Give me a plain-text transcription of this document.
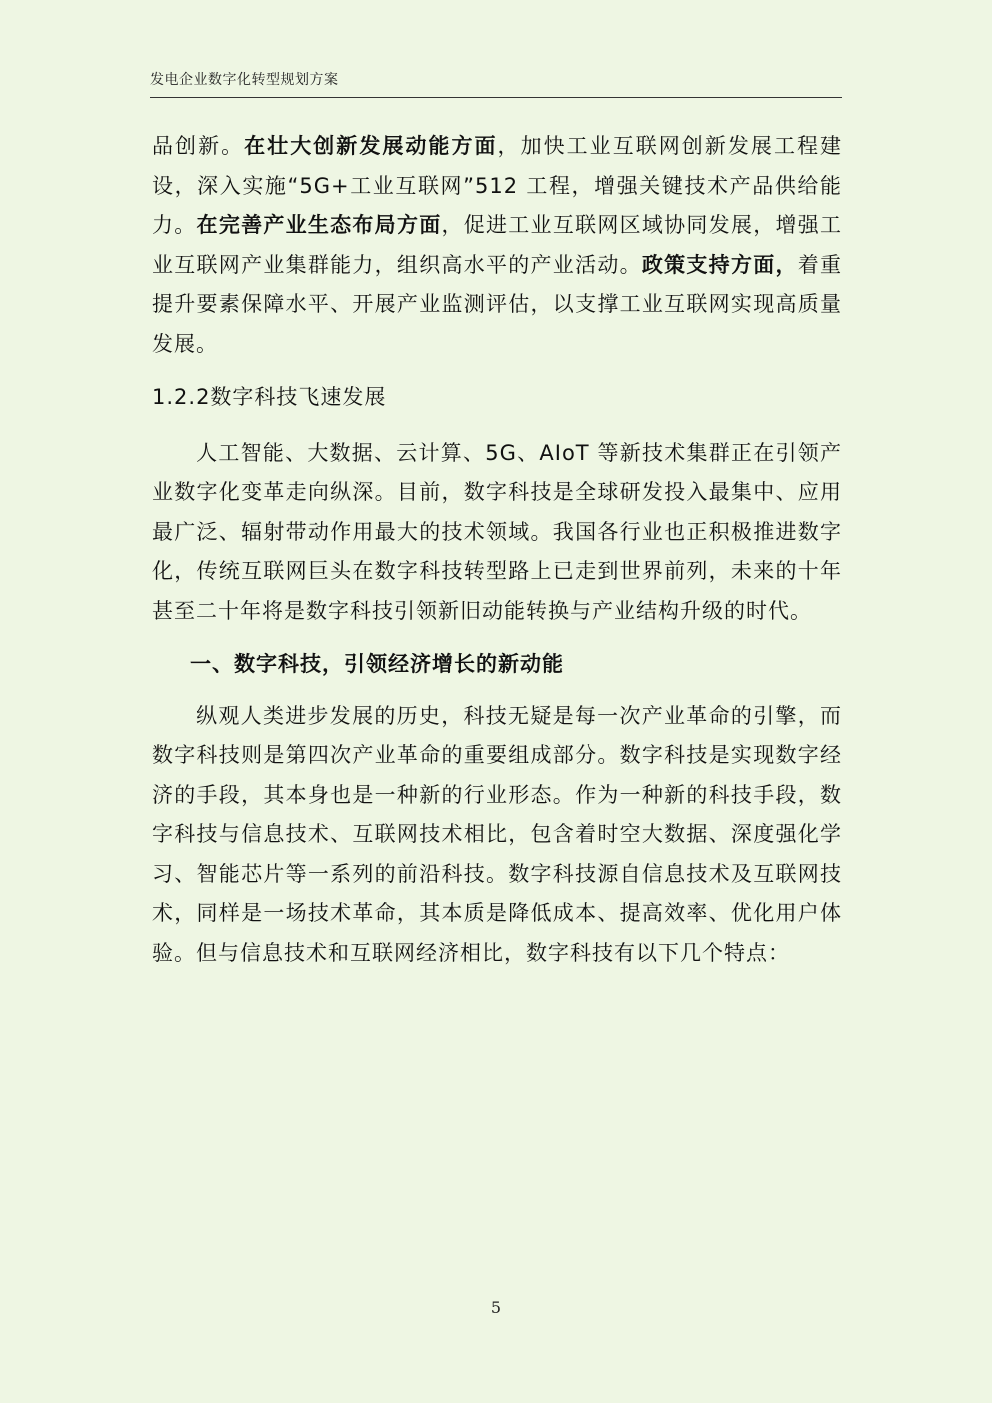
发电企业数字化转型规划方案

品创新。在壮大创新发展动能方面，加快工业互联网创新发展工程建设，深入实施“5G+工业互联网”512 工程，增强关键技术产品供给能力。在完善产业生态布局方面，促进工业互联网区域协同发展，增强工业互联网产业集群能力，组织高水平的产业活动。政策支持方面，着重提升要素保障水平、开展产业监测评估，以支撑工业互联网实现高质量发展。

1.2.2数字科技飞速发展

人工智能、大数据、云计算、5G、AIoT 等新技术集群正在引领产业数字化变革走向纵深。目前，数字科技是全球研发投入最集中、应用最广泛、辐射带动作用最大的技术领域。我国各行业也正积极推进数字化，传统互联网巨头在数字科技转型路上已走到世界前列，未来的十年甚至二十年将是数字科技引领新旧动能转换与产业结构升级的时代。

一、数字科技，引领经济增长的新动能

纵观人类进步发展的历史，科技无疑是每一次产业革命的引擎，而数字科技则是第四次产业革命的重要组成部分。数字科技是实现数字经济的手段，其本身也是一种新的行业形态。作为一种新的科技手段，数字科技与信息技术、互联网技术相比，包含着时空大数据、深度强化学习、智能芯片等一系列的前沿科技。数字科技源自信息技术及互联网技术，同样是一场技术革命，其本质是降低成本、提高效率、优化用户体验。但与信息技术和互联网经济相比，数字科技有以下几个特点：

5
